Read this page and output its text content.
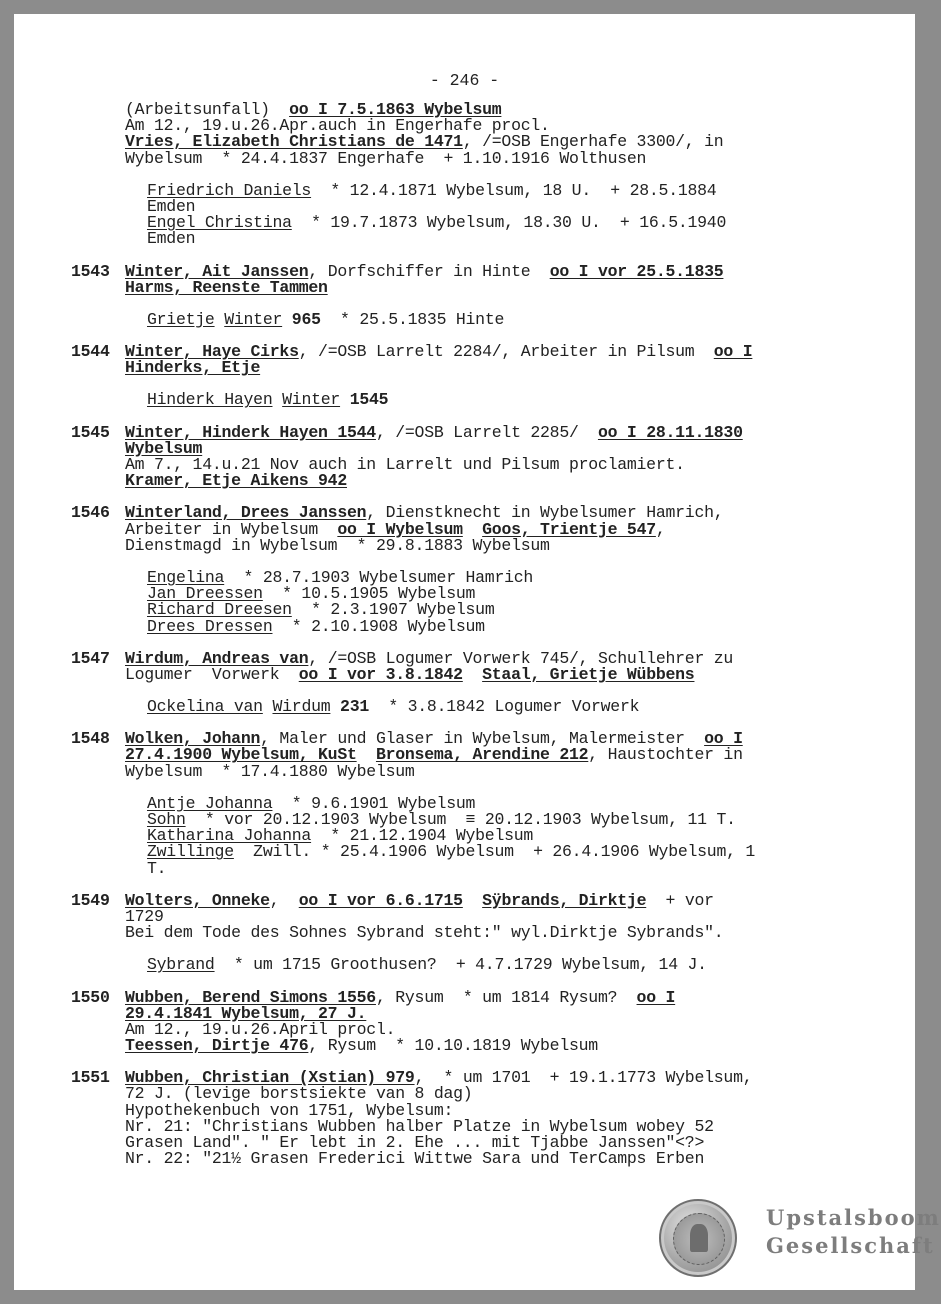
- 246 -

(Arbeitsunfall)  oo I 7.5.1863 Wybelsum

Am 12., 19.u.26.Apr.auch in Engerhafe procl.

Vries, Elizabeth Christians de 1471, /=OSB Engerhafe 3300/, in

Wybelsum  * 24.4.1837 Engerhafe  + 1.10.1916 Wolthusen

Friedrich Daniels  * 12.4.1871 Wybelsum, 18 U.  + 28.5.1884

Emden

Engel Christina  * 19.7.1873 Wybelsum, 18.30 U.  + 16.5.1940

Emden

1543

Winter, Ait Janssen, Dorfschiffer in Hinte  oo I vor 25.5.1835

Harms, Reenste Tammen

Grietje Winter 965  * 25.5.1835 Hinte

1544

Winter, Haye Cirks, /=OSB Larrelt 2284/, Arbeiter in Pilsum  oo I

Hinderks, Etje

Hinderk Hayen Winter 1545

1545

Winter, Hinderk Hayen 1544, /=OSB Larrelt 2285/  oo I 28.11.1830

Wybelsum

Am 7., 14.u.21 Nov auch in Larrelt und Pilsum proclamiert.

Kramer, Etje Aikens 942

1546

Winterland, Drees Janssen, Dienstknecht in Wybelsumer Hamrich,

Arbeiter in Wybelsum  oo I Wybelsum Goos, Trientje 547,

Dienstmagd in Wybelsum  * 29.8.1883 Wybelsum

Engelina  * 28.7.1903 Wybelsumer Hamrich

Jan Dreessen  * 10.5.1905 Wybelsum

Richard Dreesen  * 2.3.1907 Wybelsum

Drees Dressen  * 2.10.1908 Wybelsum

1547

Wirdum, Andreas van, /=OSB Logumer Vorwerk 745/, Schullehrer zu

Logumer  Vorwerk  oo I vor 3.8.1842 Staal, Grietje Wübbens

Ockelina van Wirdum 231  * 3.8.1842 Logumer Vorwerk

1548

Wolken, Johann, Maler und Glaser in Wybelsum, Malermeister  oo I

27.4.1900 Wybelsum, KuSt Bronsema, Arendine 212, Haustochter in

Wybelsum  * 17.4.1880 Wybelsum

Antje Johanna  * 9.6.1901 Wybelsum

Sohn  * vor 20.12.1903 Wybelsum  ≡ 20.12.1903 Wybelsum, 11 T.

Katharina Johanna  * 21.12.1904 Wybelsum

Zwillinge  Zwill. * 25.4.1906 Wybelsum  + 26.4.1906 Wybelsum, 1

T.

1549

Wolters, Onneke,  oo I vor 6.6.1715 Sÿbrands, Dirktje  + vor

1729

Bei dem Tode des Sohnes Sybrand steht:" wyl.Dirktje Sybrands".

Sybrand  * um 1715 Groothusen?  + 4.7.1729 Wybelsum, 14 J.

1550

Wubben, Berend Simons 1556, Rysum  * um 1814 Rysum?  oo I

29.4.1841 Wybelsum, 27 J.

Am 12., 19.u.26.April procl.

Teessen, Dirtje 476, Rysum  * 10.10.1819 Wybelsum

1551

Wubben, Christian (Xstian) 979,  * um 1701  + 19.1.1773 Wybelsum,

72 J. (levige borstsiekte van 8 dag)

Hypothekenbuch von 1751, Wybelsum:

Nr. 21: "Christians Wubben halber Platze in Wybelsum wobey 52

Grasen Land". " Er lebt in 2. Ehe ... mit Tjabbe Janssen"<?>

Nr. 22: "21½ Grasen Frederici Wittwe Sara und TerCamps Erben

Upstalsboom
Gesellschaft
